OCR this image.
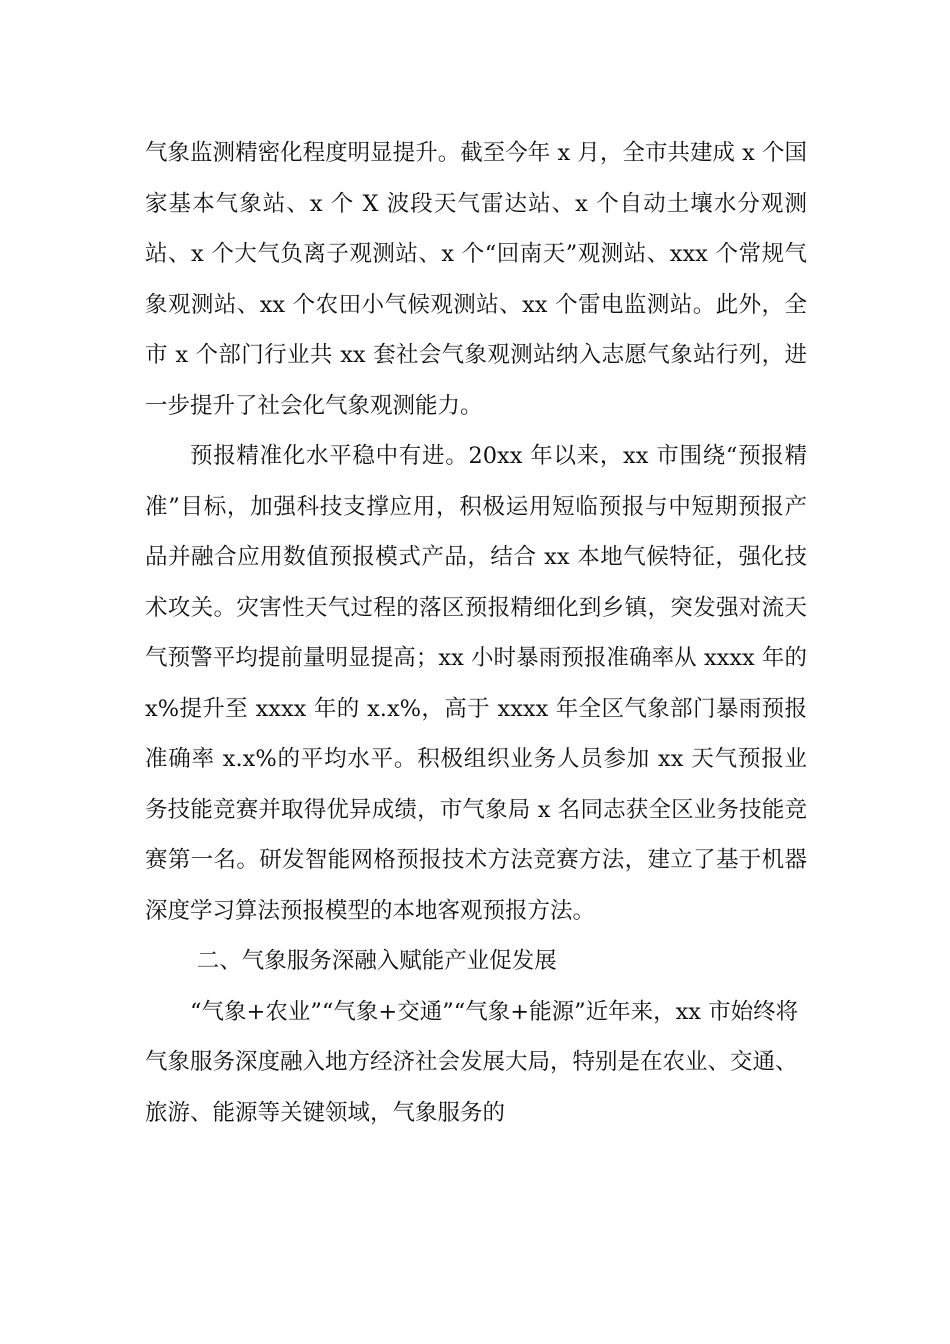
气象监测精密化程度明显提升。截至今年 x 月，全市共建成 x 个国家基本气象站、x 个 X 波段天气雷达站、x 个自动土壤水分观测站、x 个大气负离子观测站、x 个“回南天”观测站、xxx 个常规气象观测站、xx 个农田小气候观测站、xx 个雷电监测站。此外，全市 x 个部门行业共 xx 套社会气象观测站纳入志愿气象站行列，进一步提升了社会化气象观测能力。

预报精准化水平稳中有进。20xx 年以来，xx 市围绕“预报精准”目标，加强科技支撑应用，积极运用短临预报与中短期预报产品并融合应用数值预报模式产品，结合 xx 本地气候特征，强化技术攻关。灾害性天气过程的落区预报精细化到乡镇，突发强对流天气预警平均提前量明显提高；xx 小时暴雨预报准确率从 xxxx 年的 x%提升至 xxxx 年的 x.x%，高于 xxxx 年全区气象部门暴雨预报准确率 x.x%的平均水平。积极组织业务人员参加 xx 天气预报业务技能竞赛并取得优异成绩，市气象局 x 名同志获全区业务技能竞赛第一名。研发智能网格预报技术方法竞赛方法，建立了基于机器深度学习算法预报模型的本地客观预报方法。

二、气象服务深融入赋能产业促发展

“气象+农业”“气象+交通”“气象+能源”近年来，xx 市始终将气象服务深度融入地方经济社会发展大局，特别是在农业、交通、旅游、能源等关键领域，气象服务的
